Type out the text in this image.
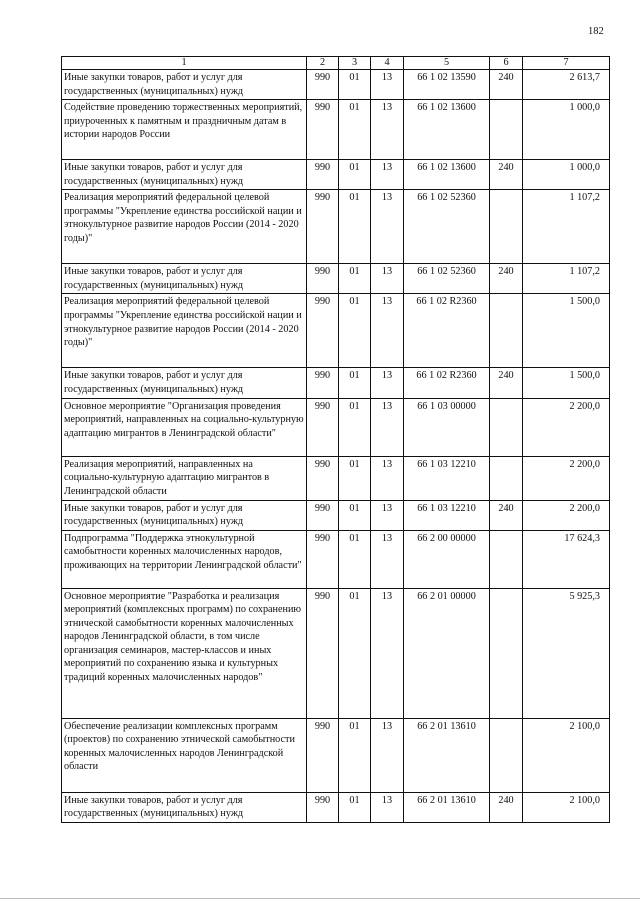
182
1	2	3	4	5	6	7
Иные закупки товаров, работ и услуг для государственных (муниципальных) нужд	990	01	13	66 1 02 13590	240	2 613,7
Содействие проведению торжественных мероприятий, приуроченных к памятным и праздничным датам в истории народов России	990	01	13	66 1 02 13600		1 000,0
Иные закупки товаров, работ и услуг для государственных (муниципальных) нужд	990	01	13	66 1 02 13600	240	1 000,0
Реализация мероприятий федеральной целевой программы "Укрепление единства российской нации и этнокультурное развитие народов России (2014 - 2020 годы)"	990	01	13	66 1 02 52360		1 107,2
Иные закупки товаров, работ и услуг для государственных (муниципальных) нужд	990	01	13	66 1 02 52360	240	1 107,2
Реализация мероприятий федеральной целевой программы "Укрепление единства российской нации и этнокультурное развитие народов России (2014 - 2020 годы)"	990	01	13	66 1 02 R2360		1 500,0
Иные закупки товаров, работ и услуг для государственных (муниципальных) нужд	990	01	13	66 1 02 R2360	240	1 500,0
Основное мероприятие "Организация проведения мероприятий, направленных на социально-культурную адаптацию мигрантов в Ленинградской области"	990	01	13	66 1 03 00000		2 200,0
Реализация мероприятий, направленных на социально-культурную адаптацию мигрантов в Ленинградской области	990	01	13	66 1 03 12210		2 200,0
Иные закупки товаров, работ и услуг для государственных (муниципальных) нужд	990	01	13	66 1 03 12210	240	2 200,0
Подпрограмма "Поддержка этнокультурной самобытности коренных малочисленных народов, проживающих на территории Ленинградской области"	990	01	13	66 2 00 00000		17 624,3
Основное мероприятие "Разработка и реализация мероприятий (комплексных программ) по сохранению этнической самобытности коренных малочисленных народов Ленинградской области, в том числе организация семинаров, мастер-классов и иных мероприятий по сохранению языка и культурных традиций коренных малочисленных народов"	990	01	13	66 2 01 00000		5 925,3
Обеспечение реализации комплексных программ (проектов) по сохранению этнической самобытности коренных малочисленных народов Ленинградской области	990	01	13	66 2 01 13610		2 100,0
Иные закупки товаров, работ и услуг для государственных (муниципальных) нужд	990	01	13	66 2 01 13610	240	2 100,0
